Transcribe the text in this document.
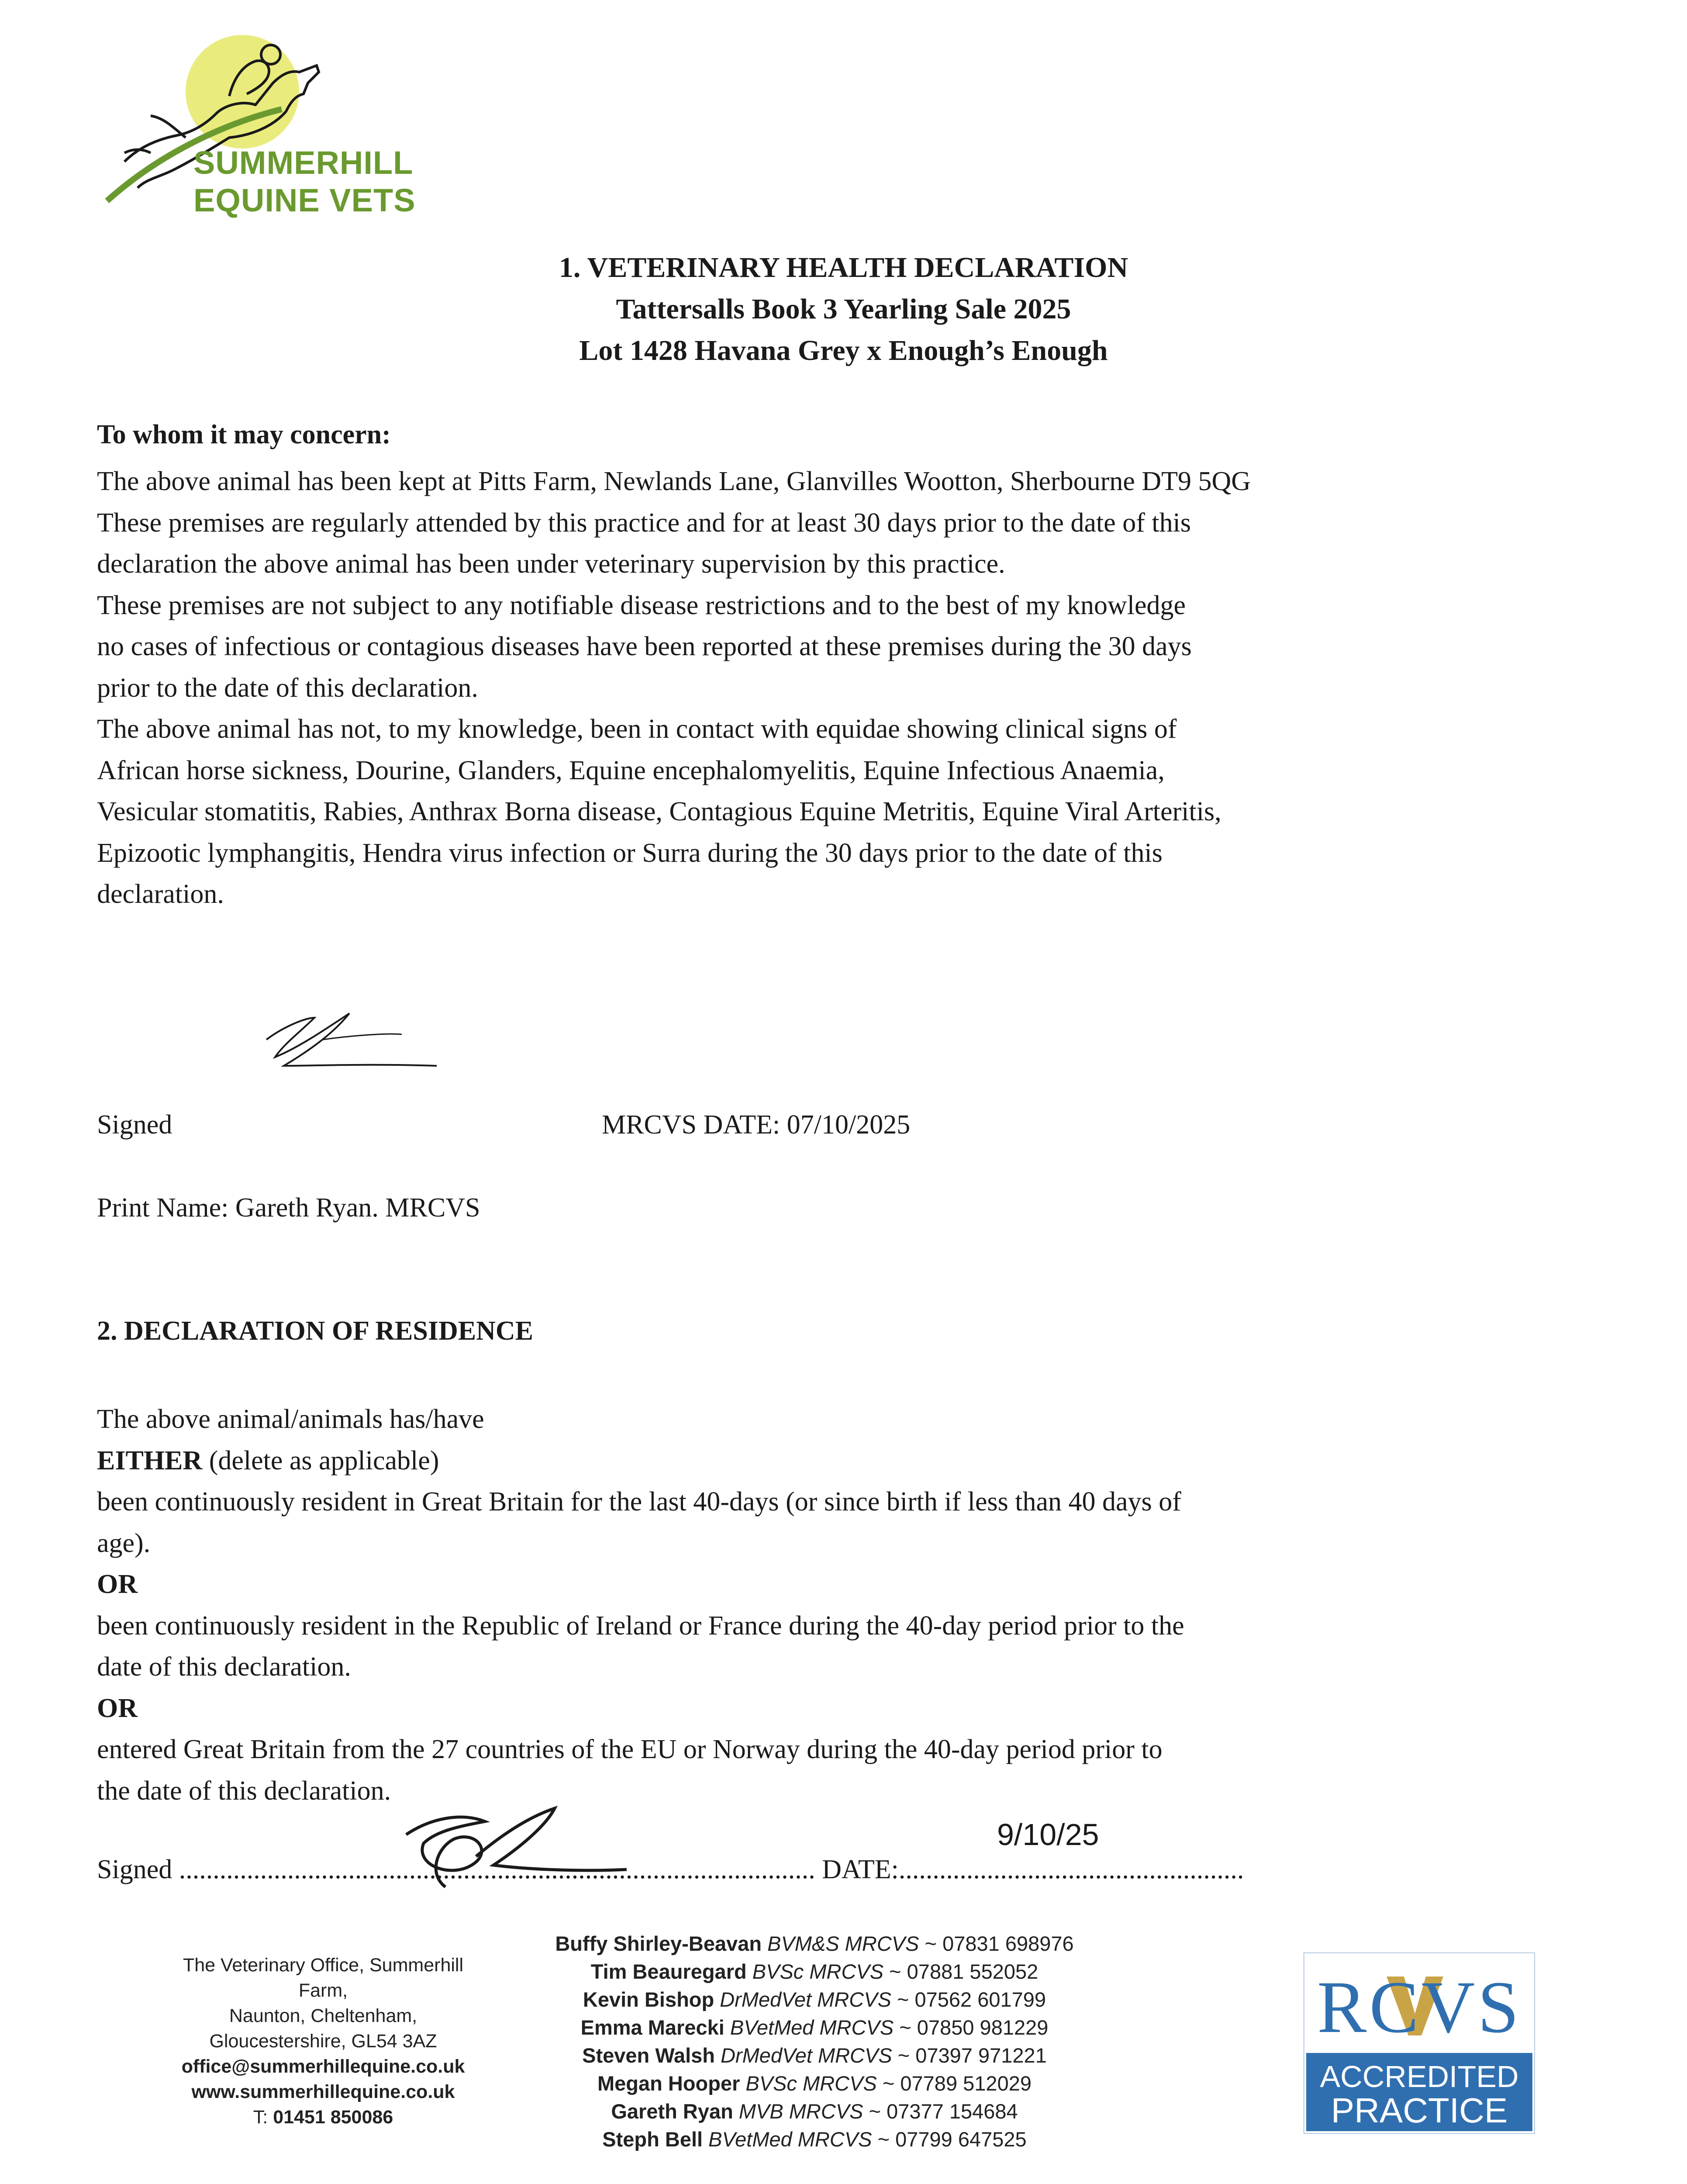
SUMMERHILL
EQUINE VETS
1. VETERINARY HEALTH DECLARATION
Tattersalls Book 3 Yearling Sale 2025
Lot 1428 Havana Grey x Enough’s Enough
To whom it may concern:
The above animal has been kept at Pitts Farm, Newlands Lane, Glanvilles Wootton, Sherbourne DT9 5QG
These premises are regularly attended by this practice and for at least 30 days prior to the date of this
declaration the above animal has been under veterinary supervision by this practice.
These premises are not subject to any notifiable disease restrictions and to the best of my knowledge
no cases of infectious or contagious diseases have been reported at these premises during the 30 days
prior to the date of this declaration.
The above animal has not, to my knowledge, been in contact with equidae showing clinical signs of
African horse sickness, Dourine, Glanders, Equine encephalomyelitis, Equine Infectious Anaemia,
Vesicular stomatitis, Rabies, Anthrax Borna disease, Contagious Equine Metritis, Equine Viral Arteritis,
Epizootic lymphangitis, Hendra virus infection or Surra during the 30 days prior to the date of this
declaration.
Signed	MRCVS DATE: 07/10/2025
Print Name: Gareth Ryan. MRCVS
2. DECLARATION OF RESIDENCE
The above animal/animals has/have
EITHER (delete as applicable)
been continuously resident in Great Britain for the last 40-days (or since birth if less than 40 days of
age).
OR
been continuously resident in the Republic of Ireland or France during the 40-day period prior to the
date of this declaration.
OR
entered Great Britain from the 27 countries of the EU or Norway during the 40-day period prior to
the date of this declaration.
9/10/25
Signed .............................................................................................. DATE:...................................................
The Veterinary Office, Summerhill
Farm,
Naunton, Cheltenham,
Gloucestershire, GL54 3AZ
office@summerhillequine.co.uk
www.summerhillequine.co.uk
T: 01451 850086
Buffy Shirley-Beavan BVM&S MRCVS ~ 07831 698976
Tim Beauregard BVSc MRCVS ~ 07881 552052
Kevin Bishop DrMedVet MRCVS ~ 07562 601799
Emma Marecki BVetMed MRCVS ~ 07850 981229
Steven Walsh DrMedVet MRCVS ~ 07397 971221
Megan Hooper BVSc MRCVS ~ 07789 512029
Gareth Ryan MVB MRCVS ~ 07377 154684
Steph Bell BVetMed MRCVS ~ 07799 647525
RCVS
ACCREDITED
PRACTICE
